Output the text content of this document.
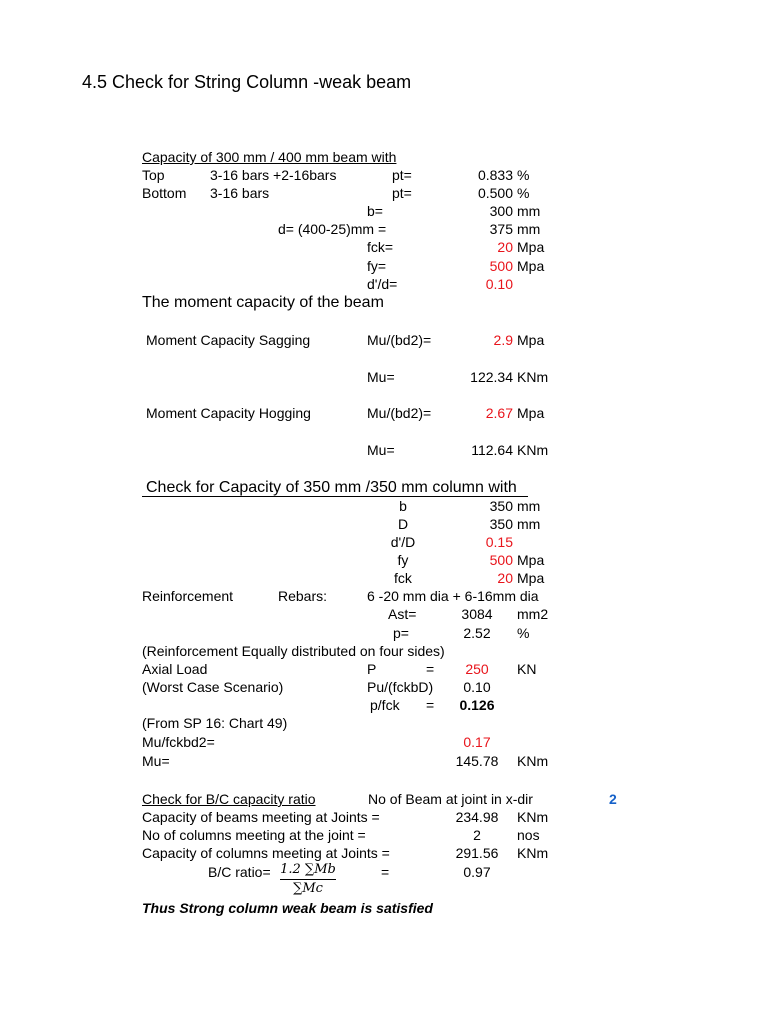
4.5 Check for String Column -weak beam
Capacity of 300 mm / 400 mm beam with
Top	3-16 bars +2-16bars	pt=	0.833 %
Bottom 3-16 bars	pt=	0.500 %
b=	300 mm
d= (400-25)mm =	375 mm
fck=	20 Mpa
fy=	500 Mpa
d'/d=	0.10
The moment capacity of the beam
Moment Capacity Sagging	Mu/(bd2)=	2.9 Mpa
Mu=	122.34 KNm
Moment Capacity Hogging	Mu/(bd2)=	2.67 Mpa
Mu=	112.64 KNm
Check for Capacity of 350 mm /350 mm column with
b	350 mm
D	350 mm
d'/D	0.15
fy	500 Mpa
fck	20 Mpa
Reinforcement	Rebars:	6 -20 mm dia + 6-16mm dia
Ast=	3084	mm2
p=	2.52	%
(Reinforcement Equally distributed on four sides)
Axial Load	P	=	250	KN
(Worst Case Scenario)	Pu/(fckbD)	0.10
p/fck =	0.126
(From SP 16: Chart 49)
Mu/fckbd2=	0.17
Mu=	145.78 KNm
Check for B/C capacity ratio	No of Beam at joint in x-dir	2
Capacity of beams meeting at Joints =	234.98	KNm
No of columns meeting at the joint =	2	nos
Capacity of columns meeting at Joints =	291.56	KNm
B/C ratio= 1.2 ∑Mb
∑Mc
=	0.97
Thus Strong column weak beam is satisfied
